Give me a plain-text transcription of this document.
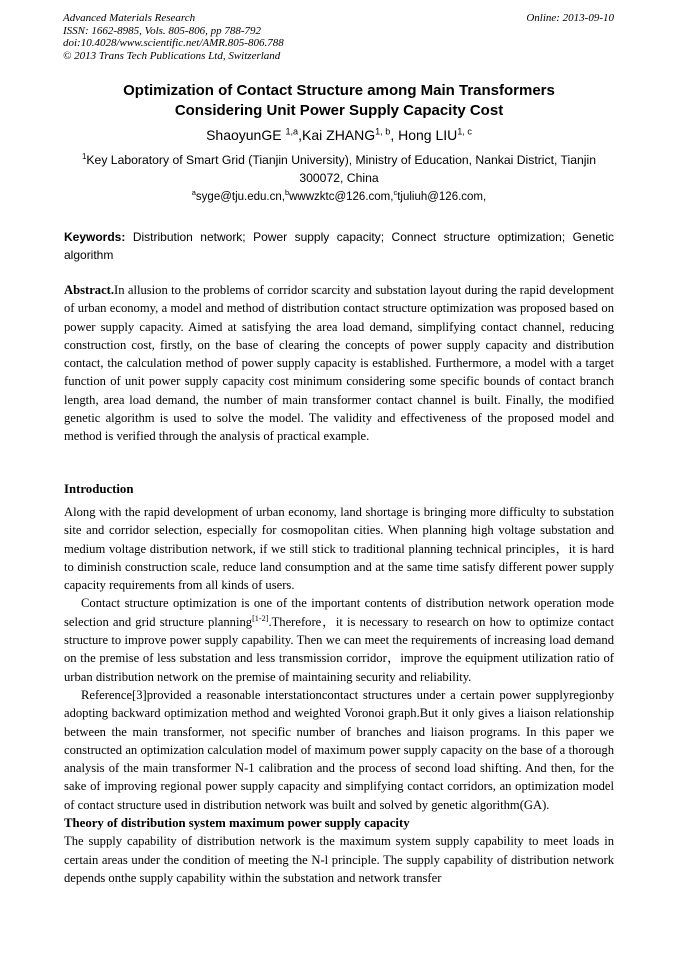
Advanced Materials Research
ISSN: 1662-8985, Vols. 805-806, pp 788-792
doi:10.4028/www.scientific.net/AMR.805-806.788
© 2013 Trans Tech Publications Ltd, Switzerland
Online: 2013-09-10
Optimization of Contact Structure among Main Transformers
Considering Unit Power Supply Capacity Cost
ShaoyunGE $^{1,a}$,Kai ZHANG$^{1, b}$, Hong LIU$^{1, c}$
$^1$Key Laboratory of Smart Grid (Tianjin University), Ministry of Education, Nankai District, Tianjin 300072, China
$^a$syge@tju.edu.cn,$^b$wwwzktc@126.com,$^c$tjuliuh@126.com,
Keywords: Distribution network; Power supply capacity; Connect structure optimization; Genetic algorithm
Abstract.In allusion to the problems of corridor scarcity and substation layout during the rapid development of urban economy, a model and method of distribution contact structure optimization was proposed based on power supply capacity. Aimed at satisfying the area load demand, simplifying contact channel, reducing construction cost, firstly, on the base of clearing the concepts of power supply capacity and distribution contact, the calculation method of power supply capacity is established. Furthermore, a model with a target function of unit power supply capacity cost minimum considering some specific bounds of contact branch length, area load demand, the number of main transformer contact channel is built. Finally, the modified genetic algorithm is used to solve the model. The validity and effectiveness of the proposed model and method is verified through the analysis of practical example.
Introduction

Along with the rapid development of urban economy, land shortage is bringing more difficulty to substation site and corridor selection, especially for cosmopolitan cities. When planning high voltage substation and medium voltage distribution network, if we still stick to traditional planning technical principles，it is hard to diminish construction scale, reduce land consumption and at the same time satisfy different power supply capacity requirements from all kinds of users.

Contact structure optimization is one of the important contents of distribution network operation mode selection and grid structure planning[1-2].Therefore，it is necessary to research on how to optimize contact structure to improve power supply capability. Then we can meet the requirements of increasing load demand on the premise of less substation and less transmission corridor，improve the equipment utilization ratio of urban distribution network on the premise of maintaining security and reliability.

Reference[3]provided a reasonable interstationcontact structures under a certain power supplyregionby adopting backward optimization method and weighted Voronoi graph.But it only gives a liaison relationship between the main transformer, not specific number of branches and liaison programs. In this paper we constructed an optimization calculation model of maximum power supply capacity on the base of a thorough analysis of the main transformer N-1 calibration and the process of second load shifting. And then, for the sake of improving regional power supply capacity and simplifying contact corridors, an optimization model of contact structure used in distribution network was built and solved by genetic algorithm(GA).

Theory of distribution system maximum power supply capacity

The supply capability of distribution network is the maximum system supply capability to meet loads in certain areas under the condition of meeting the N-l principle. The supply capability of distribution network depends onthe supply capability within the substation and network transfer
